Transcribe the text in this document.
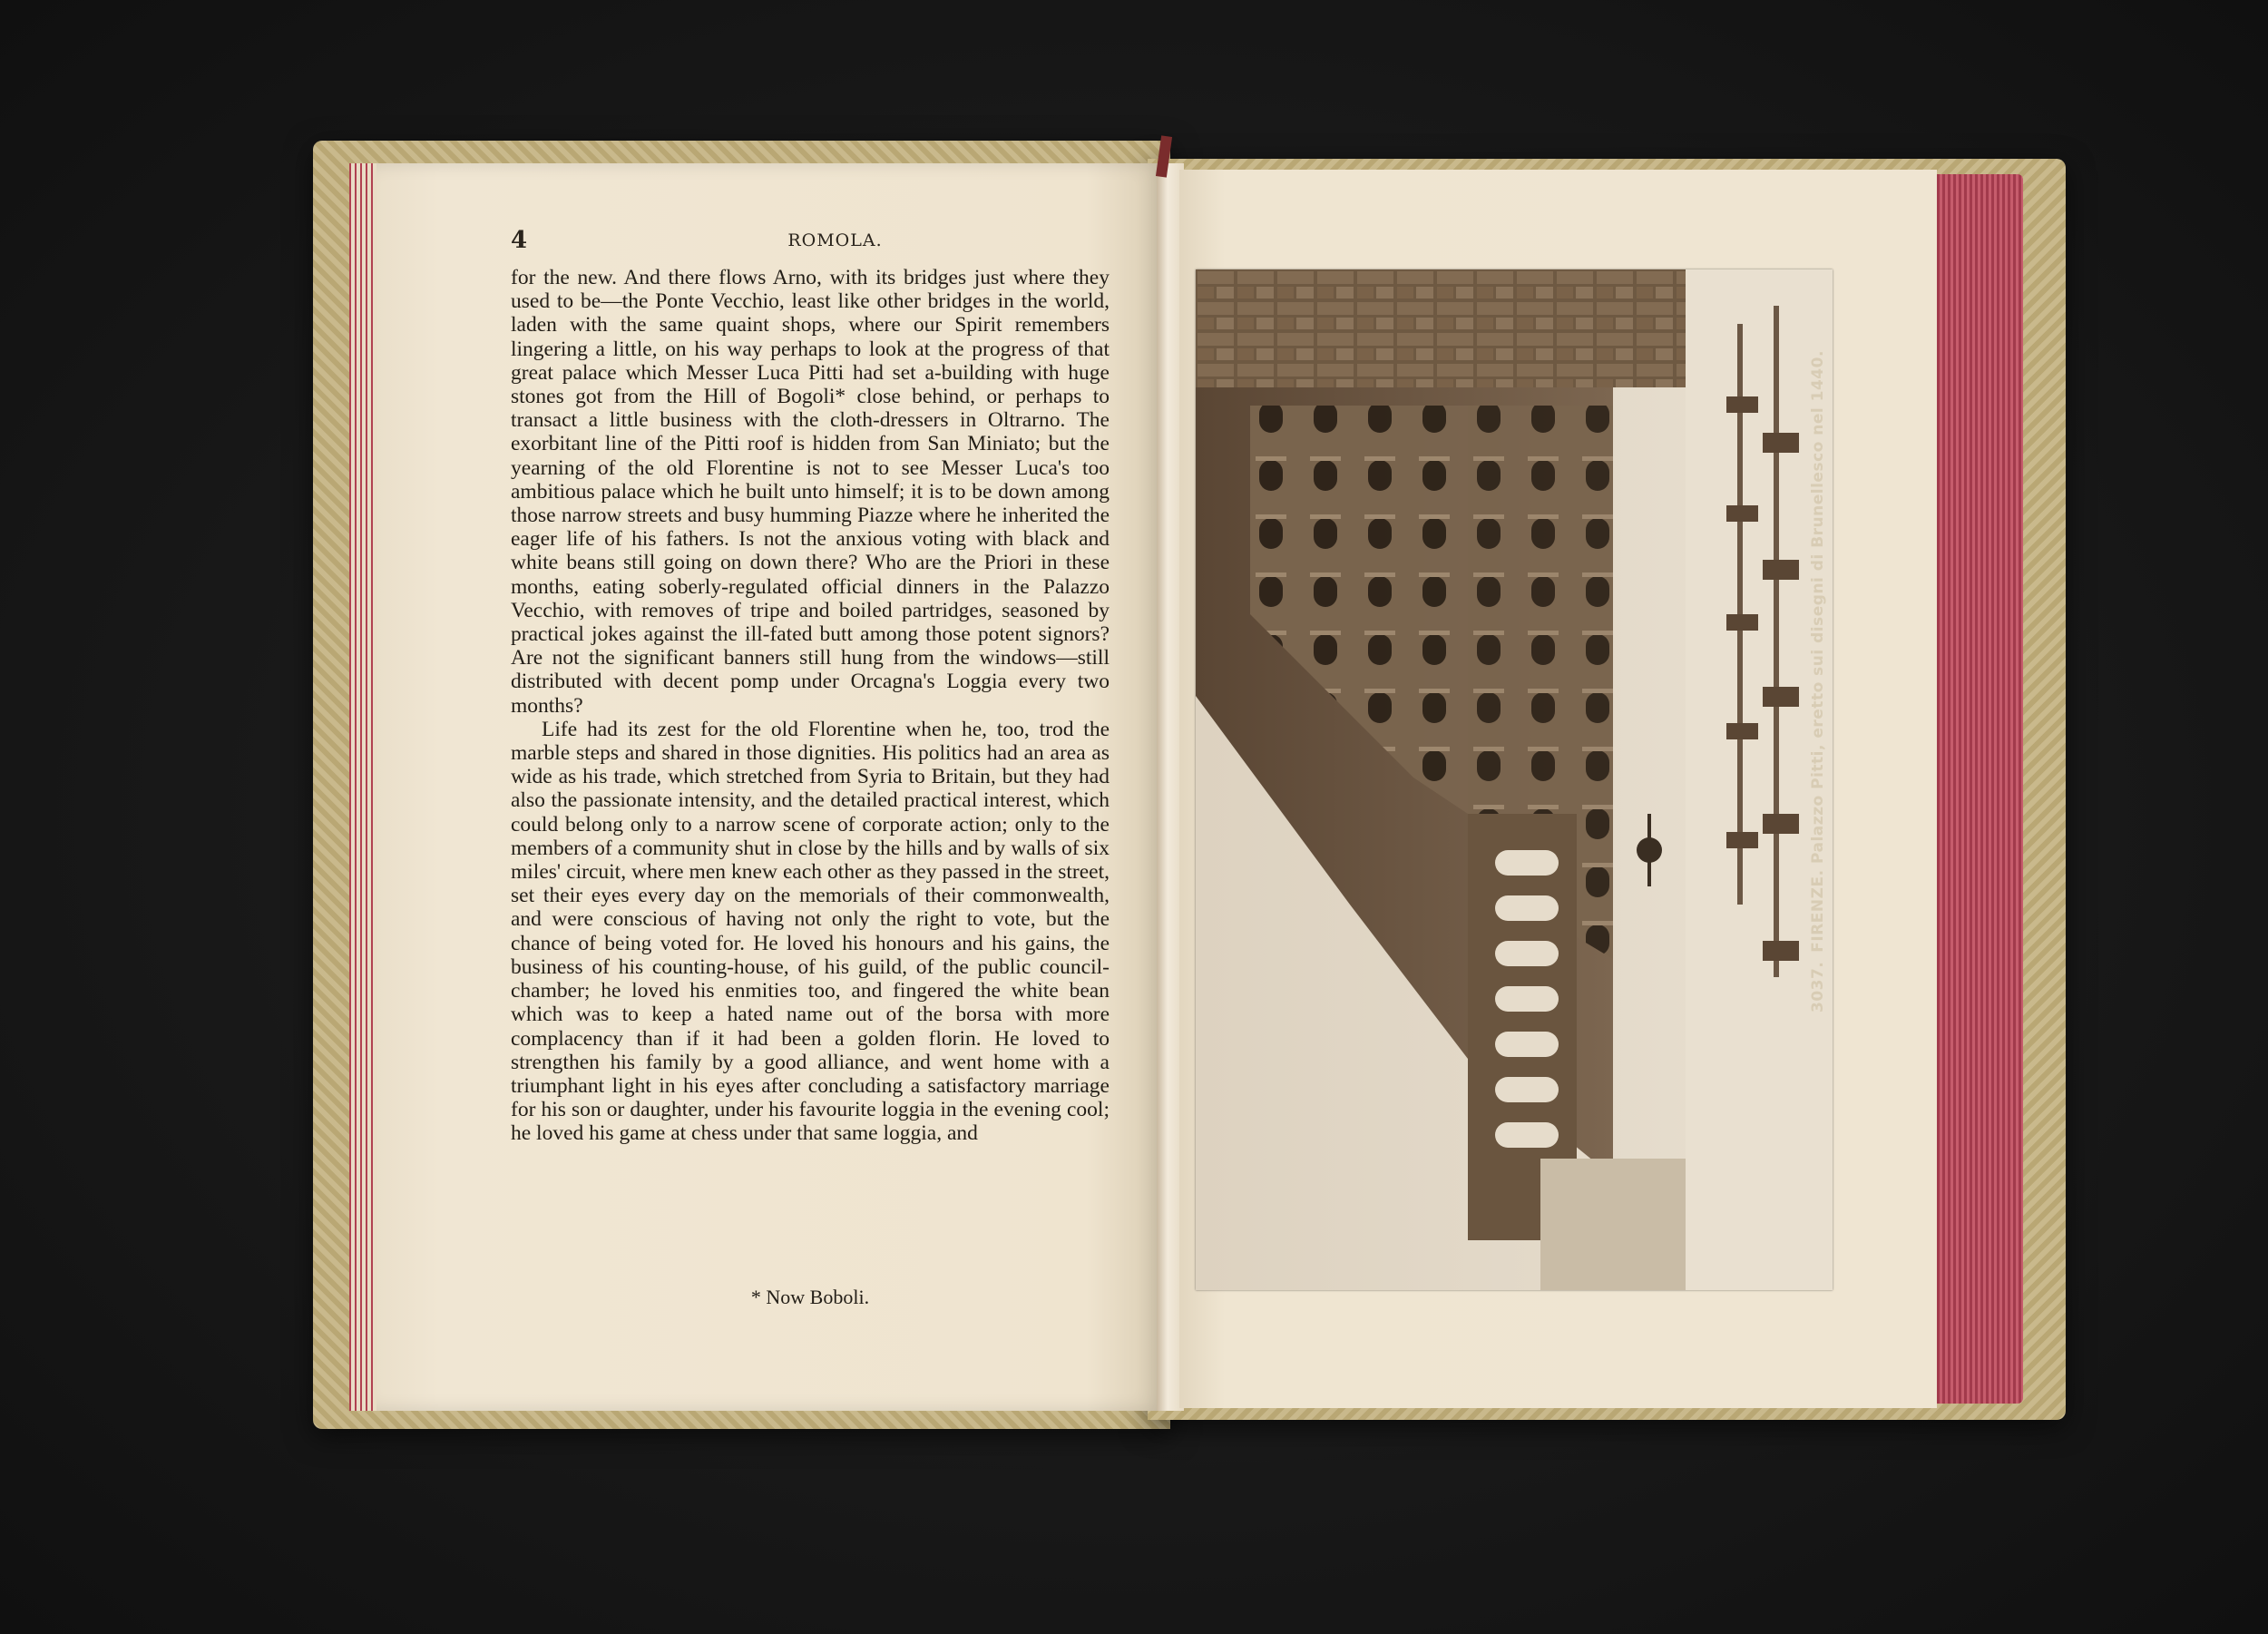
4	ROMOLA.

for the new. And there flows Arno, with its bridges just where they used to be—the Ponte Vecchio, least like other bridges in the world, laden with the same quaint shops, where our Spirit remembers lingering a little, on his way perhaps to look at the progress of that great palace which Messer Luca Pitti had set a-building with huge stones got from the Hill of Bogoli* close behind, or perhaps to transact a little business with the cloth-dressers in Oltrarno. The exorbitant line of the Pitti roof is hidden from San Miniato; but the yearning of the old Florentine is not to see Messer Luca's too ambitious palace which he built unto himself; it is to be down among those narrow streets and busy humming Piazze where he inherited the eager life of his fathers. Is not the anxious voting with black and white beans still going on down there? Who are the Priori in these months, eating soberly-regulated official dinners in the Palazzo Vecchio, with removes of tripe and boiled partridges, seasoned by practical jokes against the ill-fated butt among those potent signors? Are not the significant banners still hung from the windows—still distributed with decent pomp under Orcagna's Loggia every two months?

Life had its zest for the old Florentine when he, too, trod the marble steps and shared in those dignities. His politics had an area as wide as his trade, which stretched from Syria to Britain, but they had also the passionate intensity, and the detailed practical interest, which could belong only to a narrow scene of corporate action; only to the members of a community shut in close by the hills and by walls of six miles' circuit, where men knew each other as they passed in the street, set their eyes every day on the memorials of their commonwealth, and were conscious of having not only the right to vote, but the chance of being voted for. He loved his honours and his gains, the business of his counting-house, of his guild, of the public council-chamber; he loved his enmities too, and fingered the white bean which was to keep a hated name out of the borsa with more complacency than if it had been a golden florin. He loved to strengthen his family by a good alliance, and went home with a triumphant light in his eyes after concluding a satisfactory marriage for his son or daughter, under his favourite loggia in the evening cool; he loved his game at chess under that same loggia, and

* Now Boboli.
3037.FIRENZE. Palazzo Pitti, eretto sui disegni di Brunellesco nel 1440.
